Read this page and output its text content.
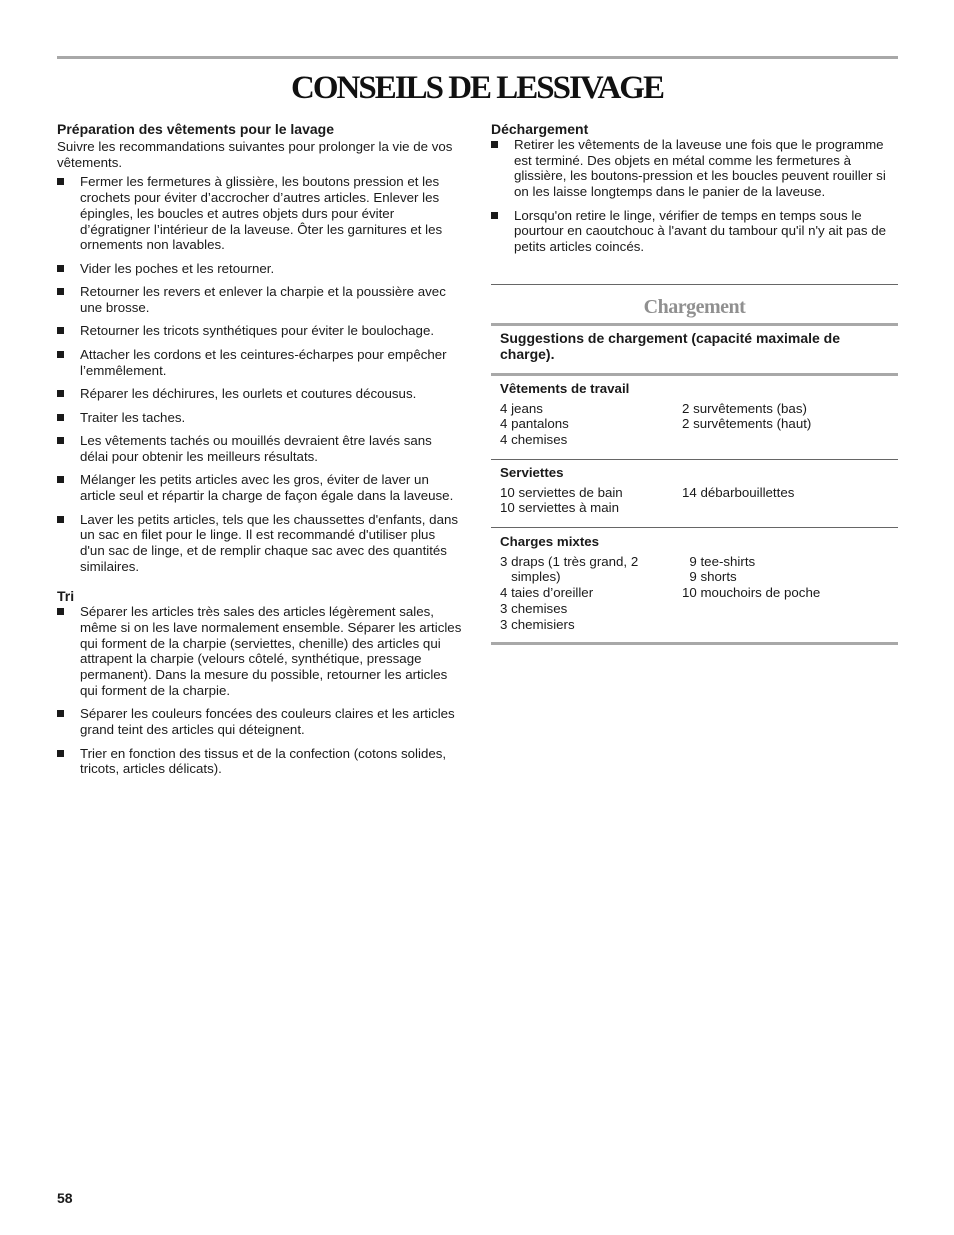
CONSEILS DE LESSIVAGE

Préparation des vêtements pour le lavage

Suivre les recommandations suivantes pour prolonger la vie de vos vêtements.

Fermer les fermetures à glissière, les boutons pression et les crochets pour éviter d’accrocher d’autres articles. Enlever les épingles, les boucles et autres objets durs pour éviter d’égratigner l’intérieur de la laveuse. Ôter les garnitures et les ornements non lavables.
Vider les poches et les retourner.
Retourner les revers et enlever la charpie et la poussière avec une brosse.
Retourner les tricots synthétiques pour éviter le boulochage.
Attacher les cordons et les ceintures-écharpes pour empêcher l’emmêlement.
Réparer les déchirures, les ourlets et coutures décousus.
Traiter les taches.
Les vêtements tachés ou mouillés devraient être lavés sans délai pour obtenir les meilleurs résultats.
Mélanger les petits articles avec les gros, éviter de laver un article seul et répartir la charge de façon égale dans la laveuse.
Laver les petits articles, tels que les chaussettes d'enfants, dans un sac en filet pour le linge. Il est recommandé d'utiliser plus d'un sac de linge, et de remplir chaque sac avec des quantités similaires.

Tri

Séparer les articles très sales des articles légèrement sales, même si on les lave normalement ensemble. Séparer les articles qui forment de la charpie (serviettes, chenille) des articles qui attrapent la charpie (velours côtelé, synthétique, pressage permanent). Dans la mesure du possible, retourner les articles qui forment de la charpie.
Séparer les couleurs foncées des couleurs claires et les articles grand teint des articles qui déteignent.
Trier en fonction des tissus et de la confection (cotons solides, tricots, articles délicats).

Déchargement

Retirer les vêtements de la laveuse une fois que le programme est terminé. Des objets en métal comme les fermetures à glissière, les boutons-pression et les boucles peuvent rouiller si on les laisse longtemps dans le panier de la laveuse.
Lorsqu'on retire le linge, vérifier de temps en temps sous le pourtour en caoutchouc à l'avant du tambour qu'il n'y ait pas de petits articles coincés.
Chargement
Suggestions de chargement (capacité maximale de charge).
Vêtements de travail
4 jeans	2 survêtements (bas)
4 pantalons	2 survêtements (haut)
4 chemises
Serviettes
10 serviettes de bain	14 débarbouillettes
10 serviettes à main
Charges mixtes
3 draps (1 très grand, 2	9 tee-shirts
simples)	9 shorts
4 taies d’oreiller	10 mouchoirs de poche
3 chemises
3 chemisiers
58
